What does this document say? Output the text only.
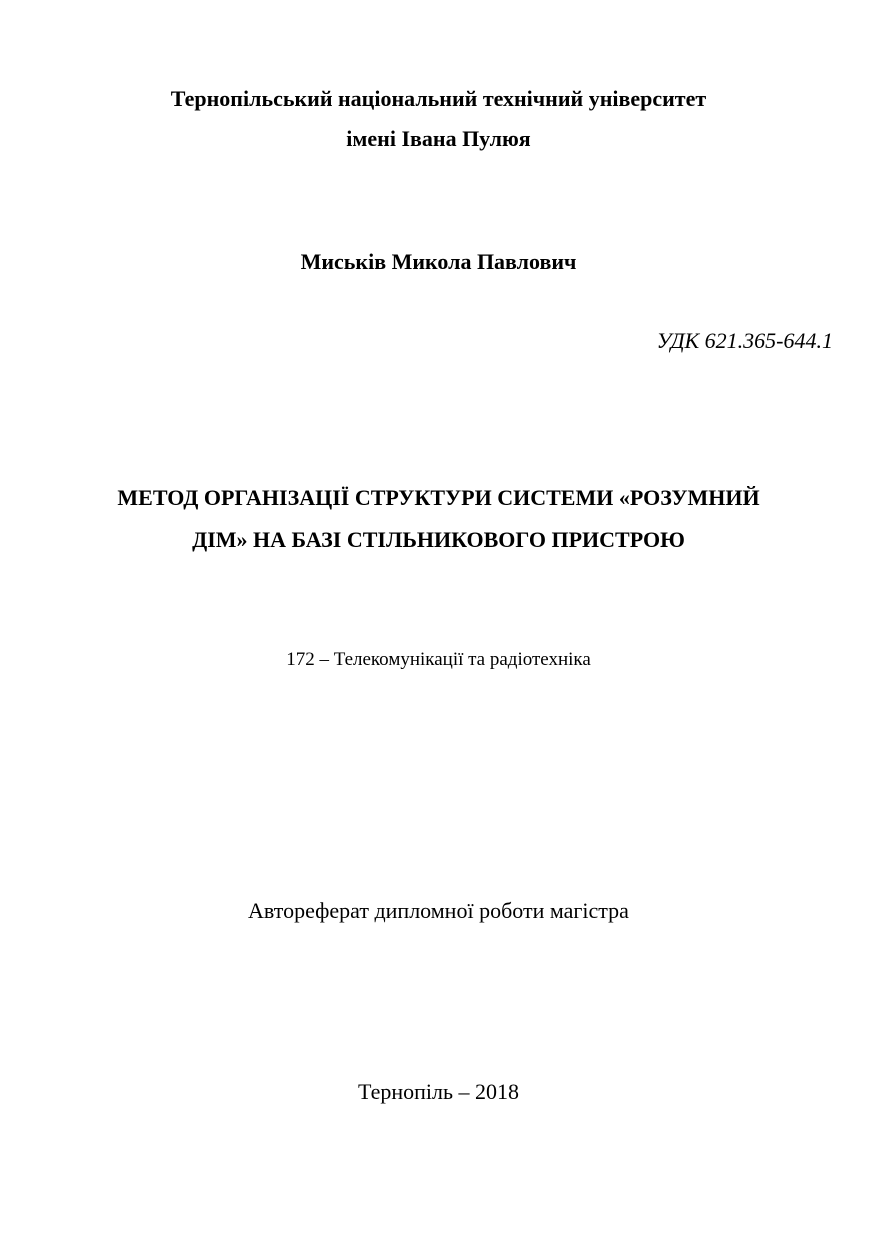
Тернопільський національний технічний університет
імені Івана Пулюя
Миськів Микола Павлович
УДК 621.365-644.1
МЕТОД ОРГАНІЗАЦІЇ СТРУКТУРИ СИСТЕМИ «РОЗУМНИЙ
ДІМ» НА БАЗІ СТІЛЬНИКОВОГО ПРИСТРОЮ
172 – Телекомунікації та радіотехніка
Автореферат дипломної роботи магістра
Тернопіль – 2018
